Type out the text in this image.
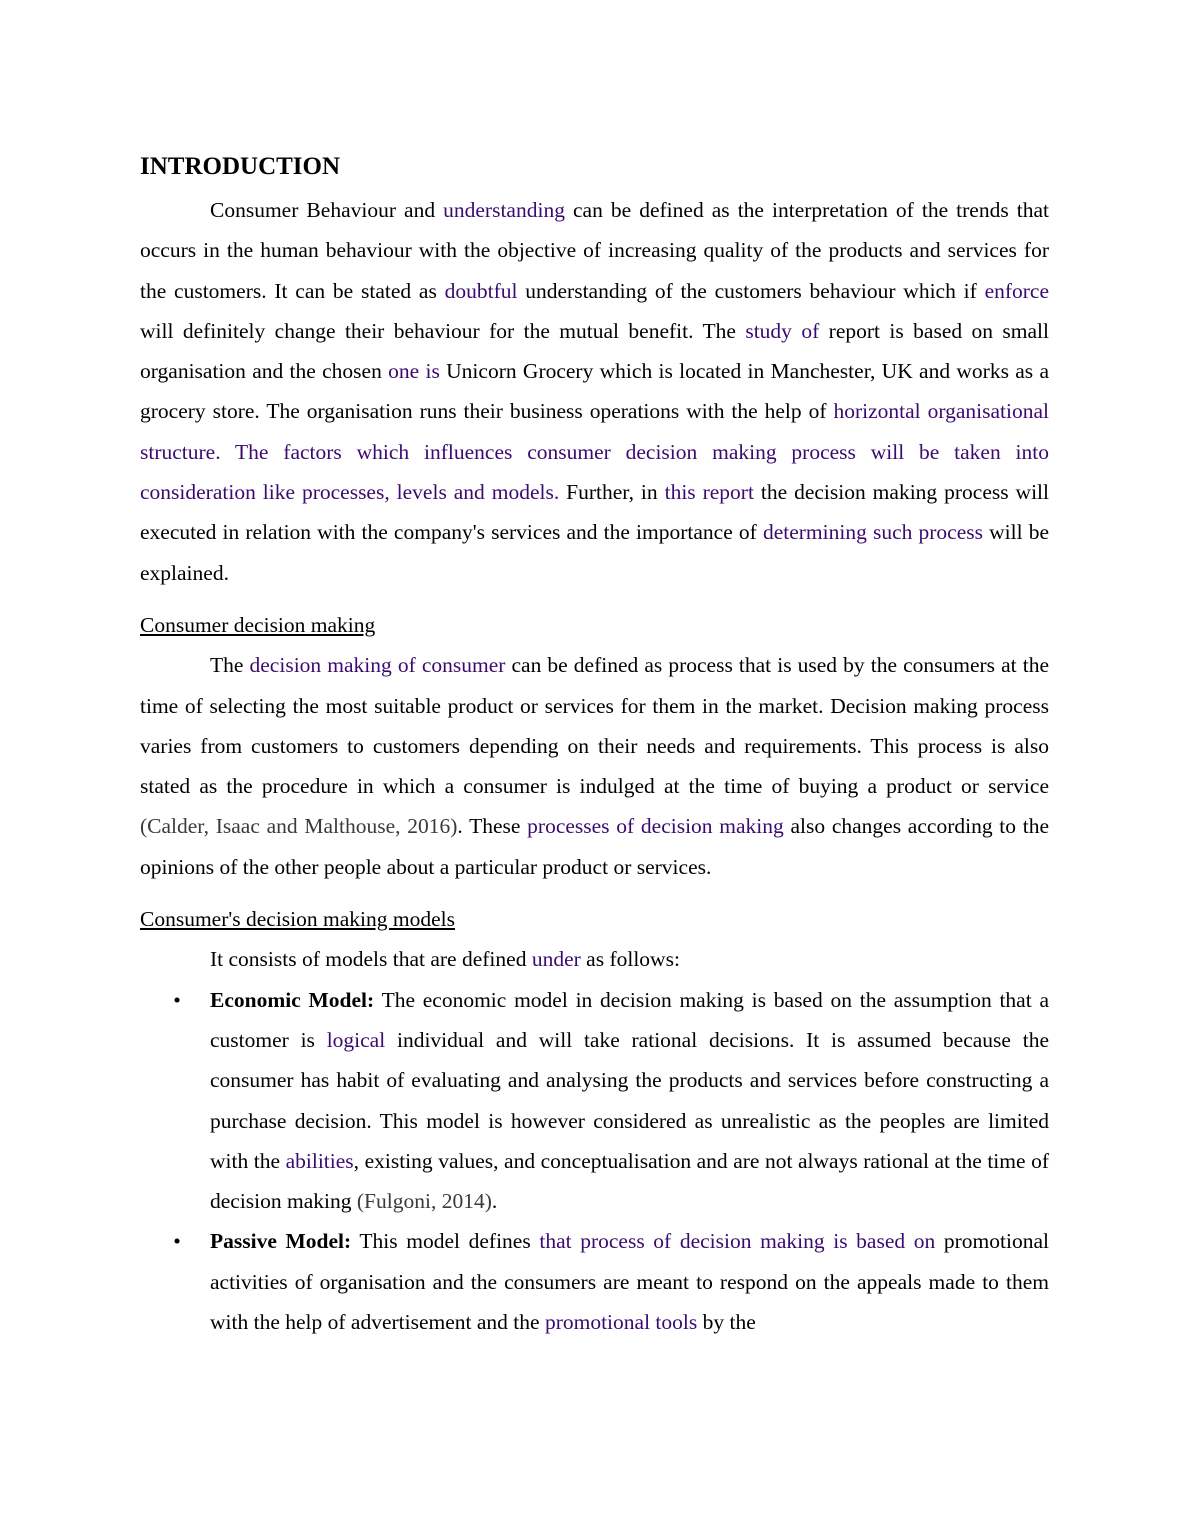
INTRODUCTION

Consumer Behaviour and understanding can be defined as the interpretation of the trends that occurs in the human behaviour with the objective of increasing quality of the products and services for the customers. It can be stated as doubtful understanding of the customers behaviour which if enforce will definitely change their behaviour for the mutual benefit. The study of report is based on small organisation and the chosen one is Unicorn Grocery which is located in Manchester, UK and works as a grocery store. The organisation runs their business operations with the help of horizontal organisational structure. The factors which influences consumer decision making process will be taken into consideration like processes, levels and models. Further, in this report the decision making process will executed in relation with the company's services and the importance of determining such process will be explained.

Consumer decision making

The decision making of consumer can be defined as process that is used by the consumers at the time of selecting the most suitable product or services for them in the market. Decision making process varies from customers to customers depending on their needs and requirements. This process is also stated as the procedure in which a consumer is indulged at the time of buying a product or service (Calder, Isaac and Malthouse, 2016). These processes of decision making also changes according to the opinions of the other people about a particular product or services.

Consumer's decision making models

It consists of models that are defined under as follows:

• Economic Model: The economic model in decision making is based on the assumption that a customer is logical individual and will take rational decisions. It is assumed because the consumer has habit of evaluating and analysing the products and services before constructing a purchase decision. This model is however considered as unrealistic as the peoples are limited with the abilities, existing values, and conceptualisation and are not always rational at the time of decision making (Fulgoni, 2014).
• Passive Model: This model defines that process of decision making is based on promotional activities of organisation and the consumers are meant to respond on the appeals made to them with the help of advertisement and the promotional tools by the
